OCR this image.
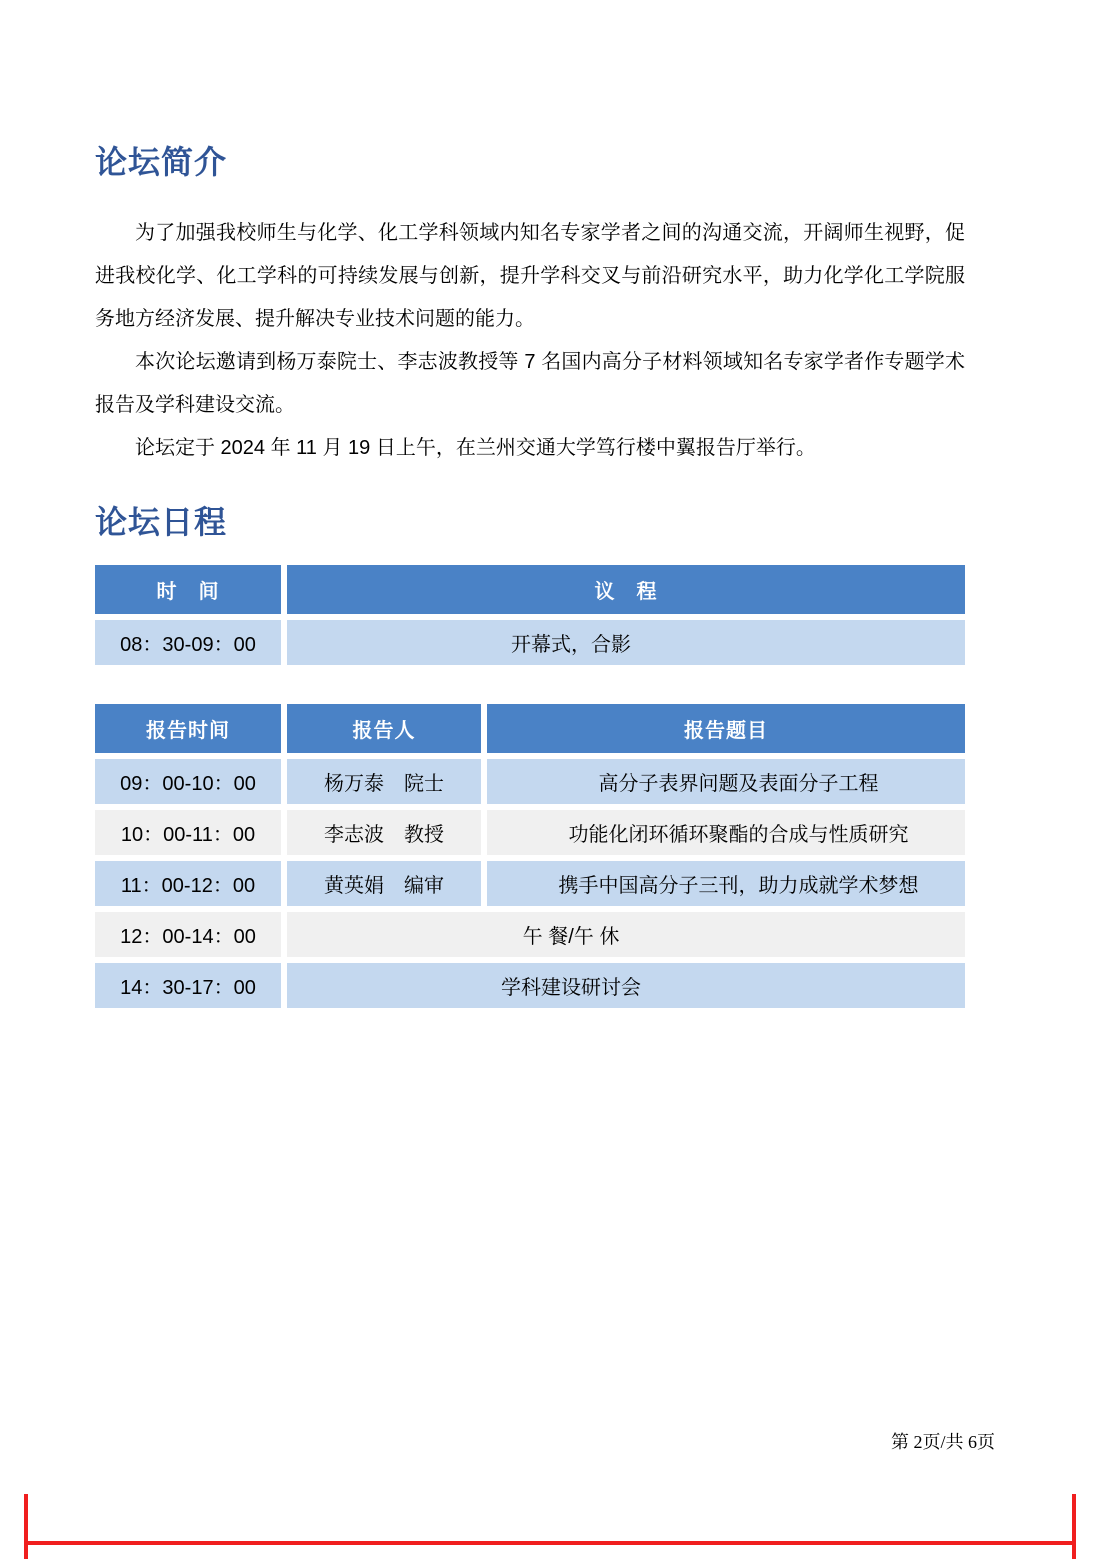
论坛简介

为了加强我校师生与化学、化工学科领域内知名专家学者之间的沟通交流，开阔师生视野，促进我校化学、化工学科的可持续发展与创新，提升学科交叉与前沿研究水平，助力化学化工学院服务地方经济发展、提升解决专业技术问题的能力。

本次论坛邀请到杨万泰院士、李志波教授等 7 名国内高分子材料领域知名专家学者作专题学术报告及学科建设交流。

论坛定于 2024 年 11 月 19 日上午，在兰州交通大学笃行楼中翼报告厅举行。

论坛日程
时　间	议　程
08：30-09：00	开幕式，合影
报告时间	报告人	报告题目
09：00-10：00	杨万泰　院士	高分子表界问题及表面分子工程
10：00-11：00	李志波　教授	功能化闭环循环聚酯的合成与性质研究
11：00-12：00	黄英娟　编审	携手中国高分子三刊，助力成就学术梦想
12：00-14：00	午 餐/午 休	
14：30-17：00	学科建设研讨会	
第 2页/共 6页
